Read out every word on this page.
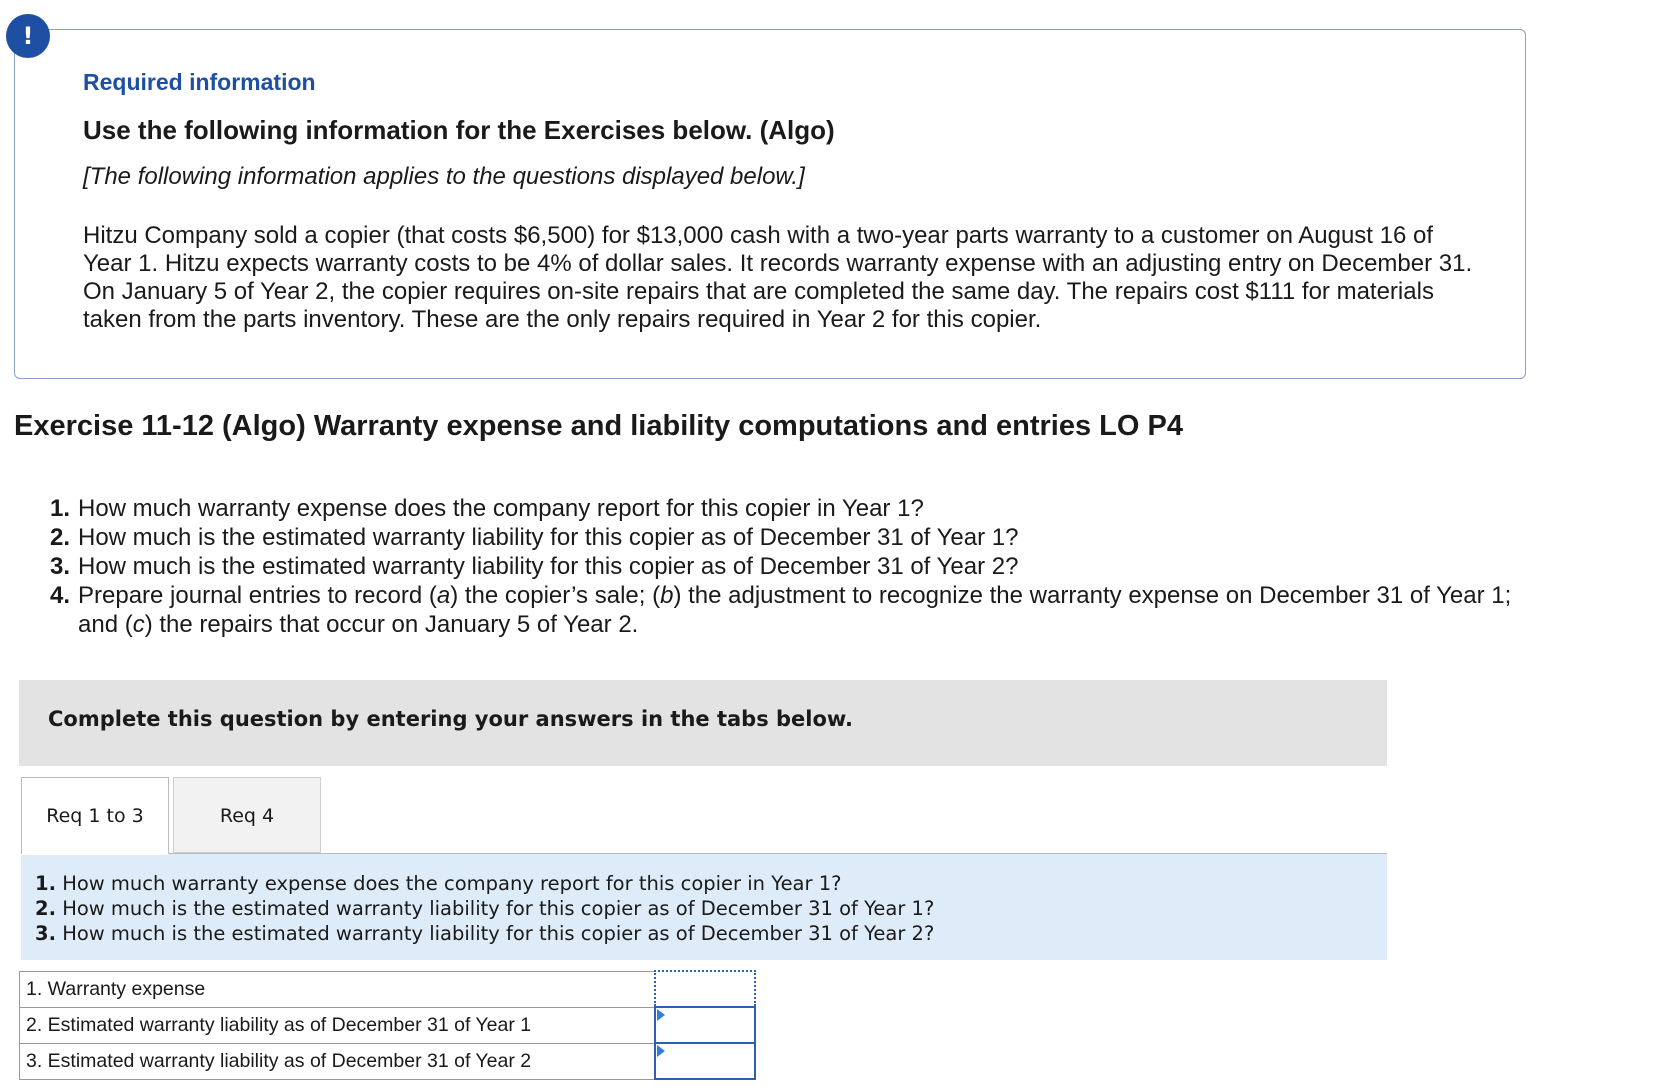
!

Required information

Use the following information for the Exercises below. (Algo)

[The following information applies to the questions displayed below.]

Hitzu Company sold a copier (that costs $6,500) for $13,000 cash with a two-year parts warranty to a customer on August 16 of Year 1. Hitzu expects warranty costs to be 4% of dollar sales. It records warranty expense with an adjusting entry on December 31. On January 5 of Year 2, the copier requires on-site repairs that are completed the same day. The repairs cost $111 for materials taken from the parts inventory. These are the only repairs required in Year 2 for this copier.

Exercise 11-12 (Algo) Warranty expense and liability computations and entries LO P4
1. How much warranty expense does the company report for this copier in Year 1?
2. How much is the estimated warranty liability for this copier as of December 31 of Year 1?
3. How much is the estimated warranty liability for this copier as of December 31 of Year 2?
4. Prepare journal entries to record (a) the copier’s sale; (b) the adjustment to recognize the warranty expense on December 31 of Year 1; and (c) the repairs that occur on January 5 of Year 2.

Complete this question by entering your answers in the tabs below.

Req 1 to 3	Req 4

1. How much warranty expense does the company report for this copier in Year 1?

2. How much is the estimated warranty liability for this copier as of December 31 of Year 1?

3. How much is the estimated warranty liability for this copier as of December 31 of Year 2?

1. Warranty expense	
2. Estimated warranty liability as of December 31 of Year 1	

3. Estimated warranty liability as of December 31 of Year 2	
